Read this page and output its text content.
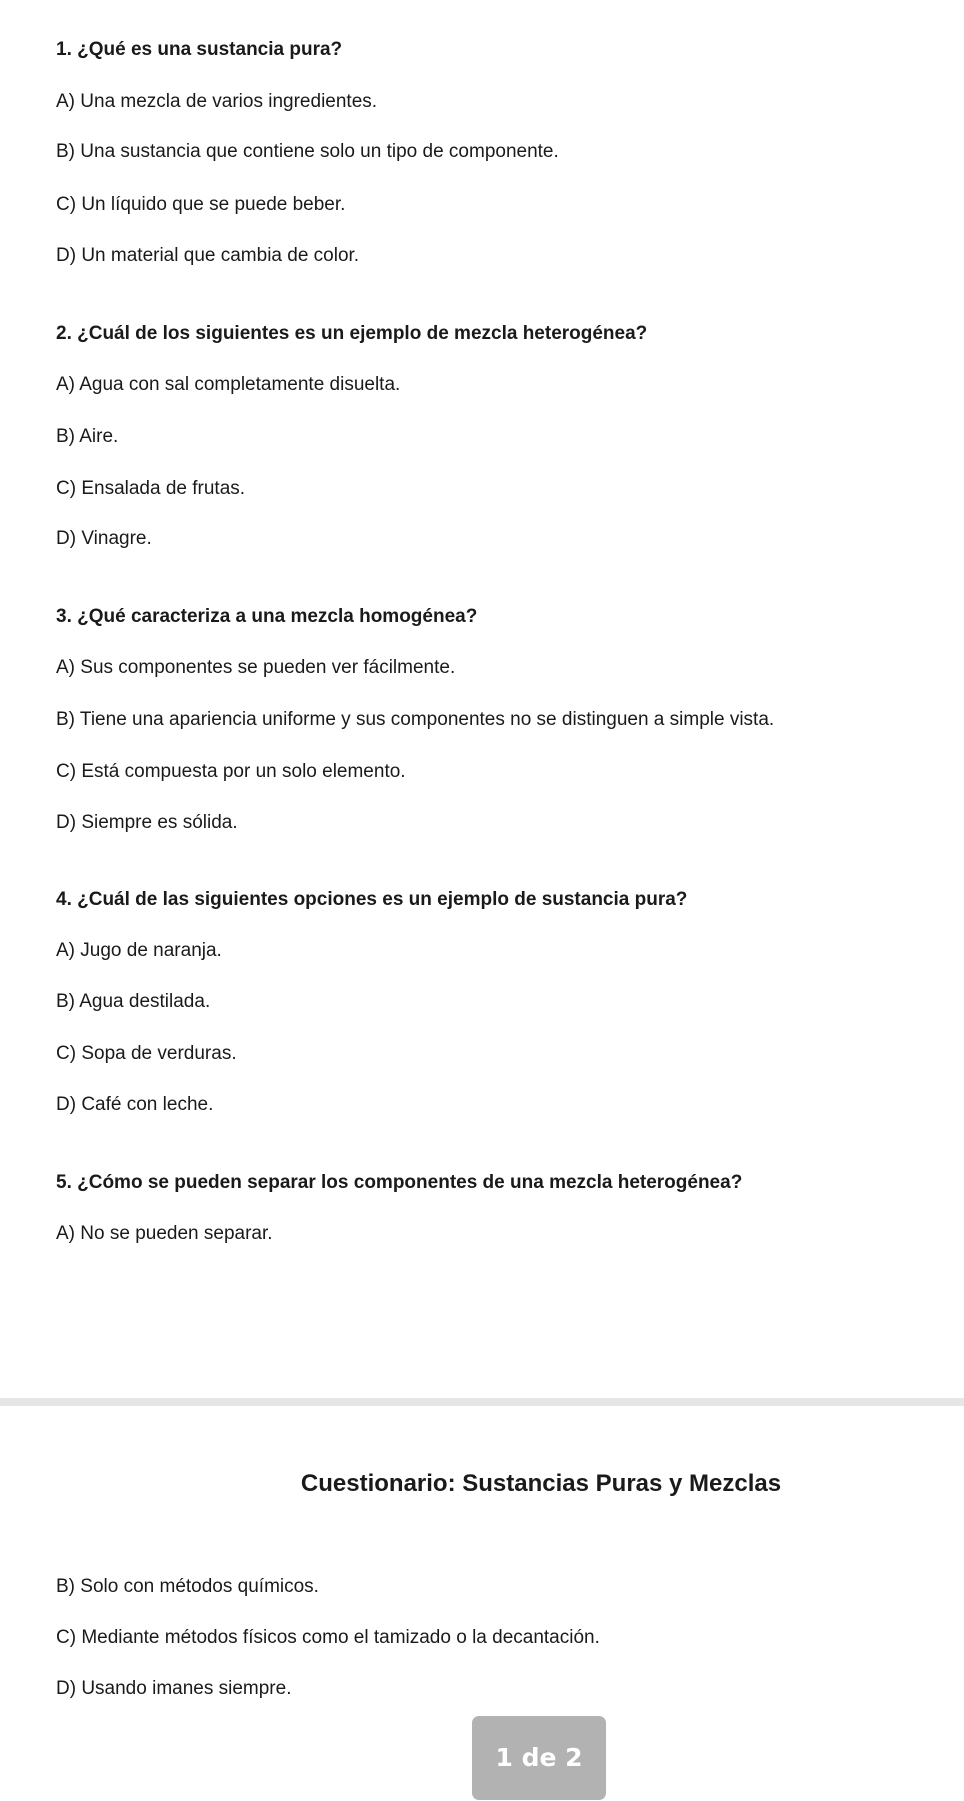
1. ¿Qué es una sustancia pura?
A) Una mezcla de varios ingredientes.
B) Una sustancia que contiene solo un tipo de componente.
C) Un líquido que se puede beber.
D) Un material que cambia de color.
2. ¿Cuál de los siguientes es un ejemplo de mezcla heterogénea?
A) Agua con sal completamente disuelta.
B) Aire.
C) Ensalada de frutas.
D) Vinagre.
3. ¿Qué caracteriza a una mezcla homogénea?
A) Sus componentes se pueden ver fácilmente.
B) Tiene una apariencia uniforme y sus componentes no se distinguen a simple vista.
C) Está compuesta por un solo elemento.
D) Siempre es sólida.
4. ¿Cuál de las siguientes opciones es un ejemplo de sustancia pura?
A) Jugo de naranja.
B) Agua destilada.
C) Sopa de verduras.
D) Café con leche.
5. ¿Cómo se pueden separar los componentes de una mezcla heterogénea?
A) No se pueden separar.
Cuestionario: Sustancias Puras y Mezclas
B) Solo con métodos químicos.
C) Mediante métodos físicos como el tamizado o la decantación.
D) Usando imanes siempre.
1 de 2
